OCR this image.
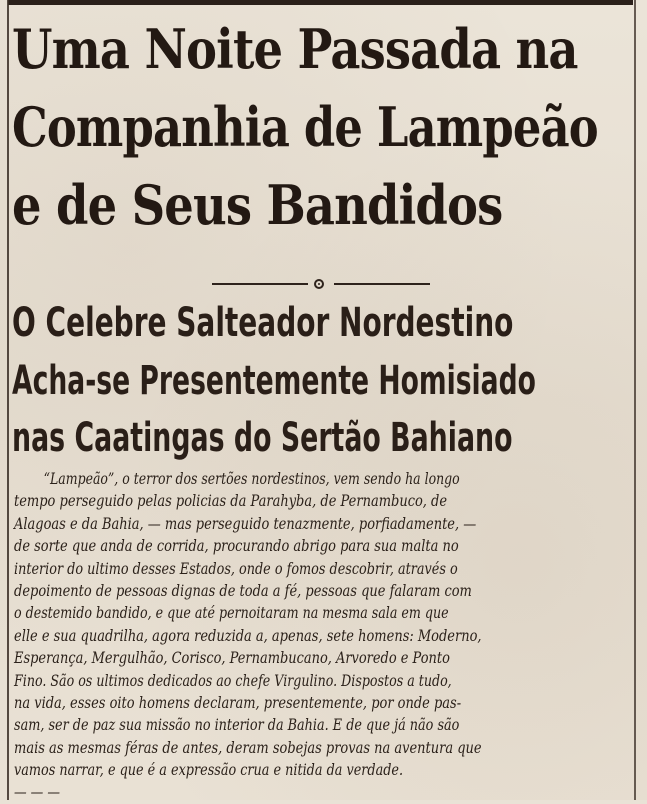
Uma Noite Passada na
Companhia de Lampeão
e de Seus Bandidos
O Celebre Salteador Nordestino
Acha-se Presentemente Homisiado
nas Caatingas do Sertão Bahiano
“Lampeão”, o terror dos sertões nordestinos, vem sendo ha longo
tempo perseguido pelas policias da Parahyba, de Pernambuco, de
Alagoas e da Bahia, — mas perseguido tenazmente, porfiadamente, —
de sorte que anda de corrida, procurando abrigo para sua malta no
interior do ultimo desses Estados, onde o fomos descobrir, através o
depoimento de pessoas dignas de toda a fé, pessoas que falaram com
o destemido bandido, e que até pernoitaram na mesma sala em que
elle e sua quadrilha, agora reduzida a, apenas, sete homens: Moderno,
Esperança, Mergulhão, Corisco, Pernambucano, Arvoredo e Ponto
Fino. São os ultimos dedicados ao chefe Virgulino. Dispostos a tudo,
na vida, esses oito homens declaram, presentemente, por onde pas-
sam, ser de paz sua missão no interior da Bahia. E de que já não são
mais as mesmas féras de antes, deram sobejas provas na aventura que
vamos narrar, e que é a expressão crua e nitida da verdade.
— — —
